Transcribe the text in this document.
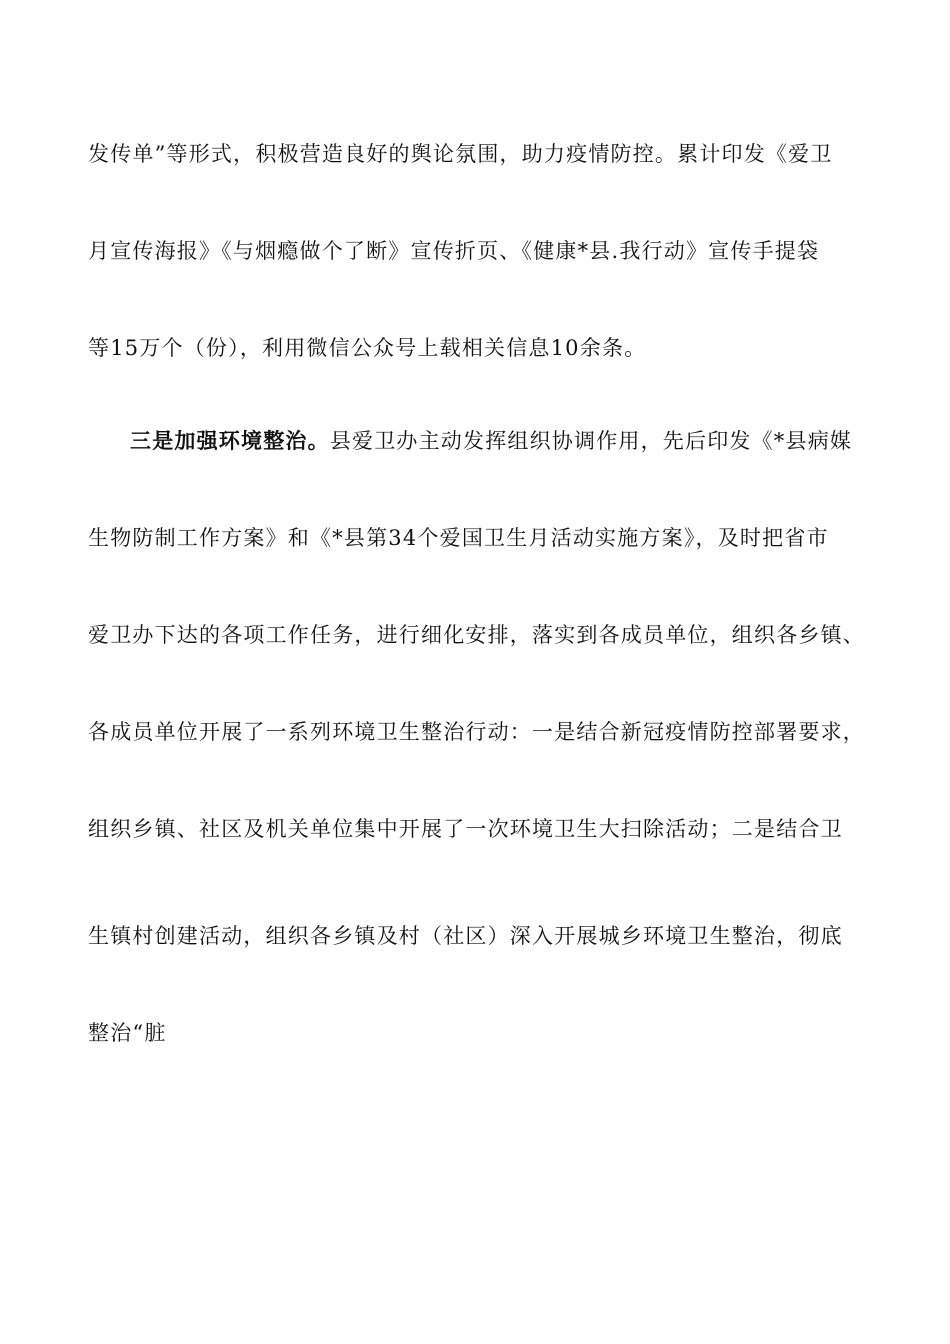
发传单”等形式，积极营造良好的舆论氛围，助力疫情防控。累计印发《爱卫
月宣传海报》《与烟瘾做个了断》宣传折页、《健康*县.我行动》宣传手提袋
等15万个（份），利用微信公众号上载相关信息10余条。
三是加强环境整治。县爱卫办主动发挥组织协调作用，先后印发《*县病媒
生物防制工作方案》和《*县第34个爱国卫生月活动实施方案》，及时把省市
爱卫办下达的各项工作任务，进行细化安排，落实到各成员单位，组织各乡镇、
各成员单位开展了一系列环境卫生整治行动：一是结合新冠疫情防控部署要求，
组织乡镇、社区及机关单位集中开展了一次环境卫生大扫除活动；二是结合卫
生镇村创建活动，组织各乡镇及村（社区）深入开展城乡环境卫生整治，彻底
整治“脏
